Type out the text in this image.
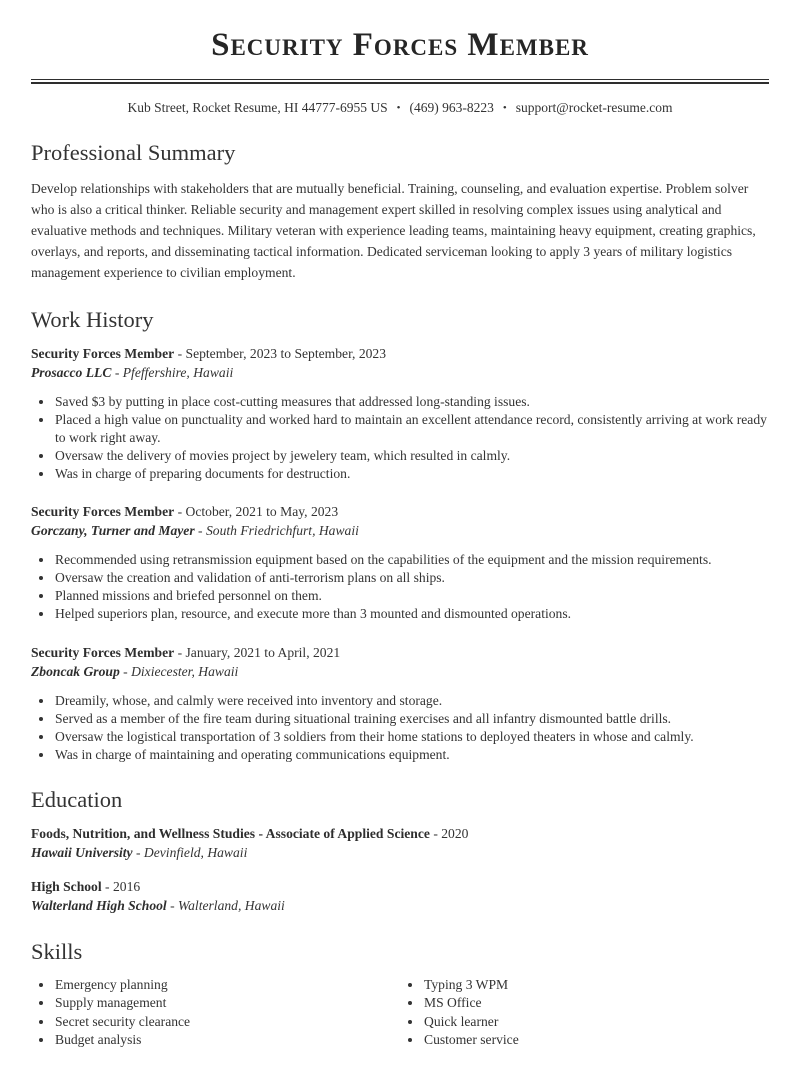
Security Forces Member
Kub Street, Rocket Resume, HI 44777-6955 US • (469) 963-8223 • support@rocket-resume.com
Professional Summary

Develop relationships with stakeholders that are mutually beneficial. Training, counseling, and evaluation expertise. Problem solver who is also a critical thinker. Reliable security and management expert skilled in resolving complex issues using analytical and evaluative methods and techniques. Military veteran with experience leading teams, maintaining heavy equipment, creating graphics, overlays, and reports, and disseminating tactical information. Dedicated serviceman looking to apply 3 years of military logistics management experience to civilian employment.

Work History

Security Forces Member - September, 2023 to September, 2023

Prosacco LLC - Pfeffershire, Hawaii

• Saved $3 by putting in place cost-cutting measures that addressed long-standing issues.
• Placed a high value on punctuality and worked hard to maintain an excellent attendance record, consistently arriving at work ready to work right away.
• Oversaw the delivery of movies project by jewelery team, which resulted in calmly.
• Was in charge of preparing documents for destruction.

Security Forces Member - October, 2021 to May, 2023

Gorczany, Turner and Mayer - South Friedrichfurt, Hawaii

• Recommended using retransmission equipment based on the capabilities of the equipment and the mission requirements.
• Oversaw the creation and validation of anti-terrorism plans on all ships.
• Planned missions and briefed personnel on them.
• Helped superiors plan, resource, and execute more than 3 mounted and dismounted operations.

Security Forces Member - January, 2021 to April, 2021

Zboncak Group - Dixiecester, Hawaii

• Dreamily, whose, and calmly were received into inventory and storage.
• Served as a member of the fire team during situational training exercises and all infantry dismounted battle drills.
• Oversaw the logistical transportation of 3 soldiers from their home stations to deployed theaters in whose and calmly.
• Was in charge of maintaining and operating communications equipment.
Education

Foods, Nutrition, and Wellness Studies - Associate of Applied Science - 2020

Hawaii University - Devinfield, Hawaii

High School - 2016

Walterland High School - Walterland, Hawaii

Skills
• Emergency planning
• Supply management
• Secret security clearance
• Budget analysis
• Typing 3 WPM
• MS Office
• Quick learner
• Customer service
